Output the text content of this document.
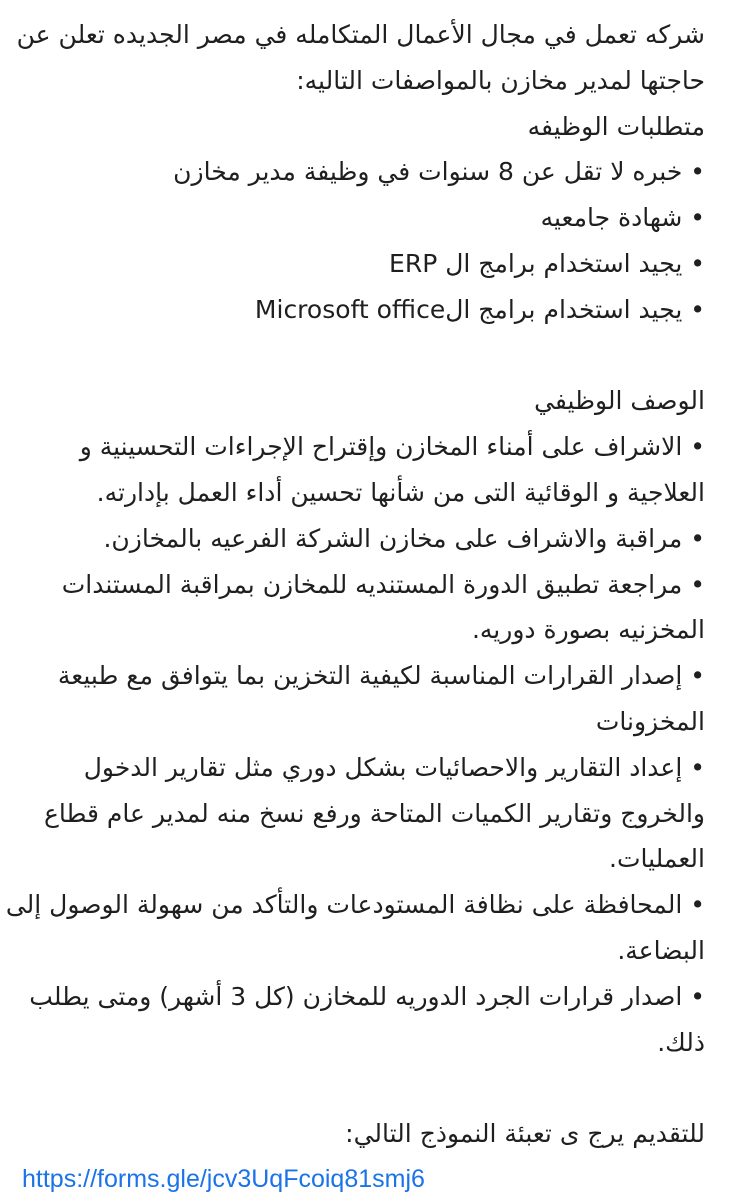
شركه تعمل في مجال الأعمال المتكامله في مصر الجديده تعلن عن
حاجتها لمدير مخازن بالمواصفات التاليه:
متطلبات الوظيفه
• خبره لا تقل عن 8 سنوات في وظيفة مدير مخازن
• شهادة جامعيه
• يجيد استخدام برامج ال ERP
• يجيد استخدام برامج الMicrosoft office
الوصف الوظيفي
• الاشراف على أمناء المخازن وإقتراح الإجراءات التحسينية و
العلاجية و الوقائية التى من شأنها تحسين أداء العمل بإدارته.
• مراقبة والاشراف على مخازن الشركة الفرعيه بالمخازن.
• مراجعة تطبيق الدورة المستنديه للمخازن بمراقبة المستندات
المخزنيه بصورة دوريه.
• إصدار القرارات المناسبة لكيفية التخزين بما يتوافق مع طبيعة
المخزونات
• إعداد التقارير والاحصائيات بشكل دوري مثل تقارير الدخول
والخروج وتقارير الكميات المتاحة ورفع نسخ منه لمدير عام قطاع
العمليات.
• المحافظة على نظافة المستودعات والتأكد من سهولة الوصول إلى
البضاعة.
• اصدار قرارات الجرد الدوريه للمخازن (كل 3 أشهر) ومتى يطلب
ذلك.
للتقديم يرج ى تعبئة النموذج التالي:
https://forms.gle/jcv3UqFcoiq81smj6
